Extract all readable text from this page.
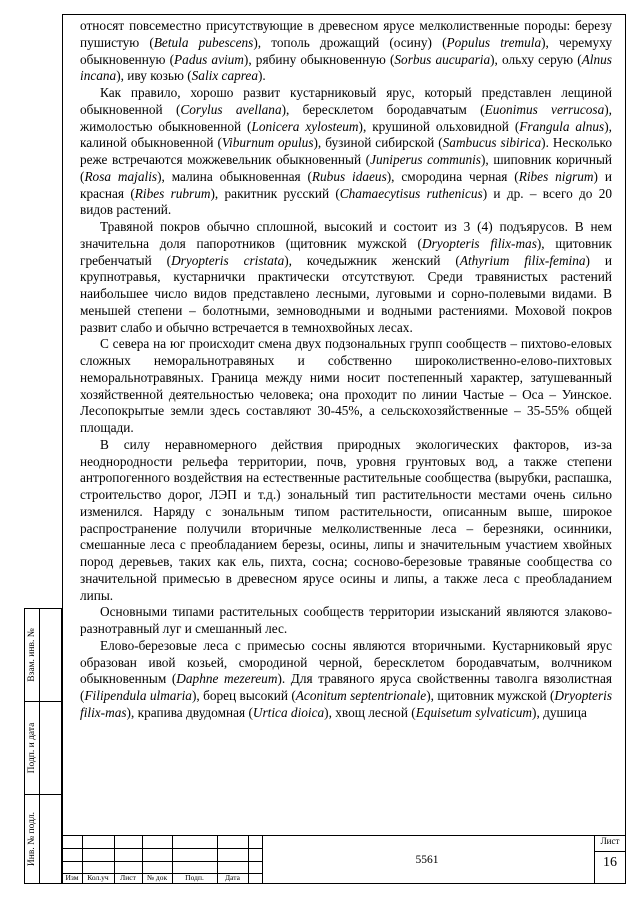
относят повсеместно присутствующие в древесном ярусе мелколиственные породы: березу пушистую (Betula pubescens), тополь дрожащий (осину) (Populus tremula), черемуху обыкновенную (Padus avium), рябину обыкновенную (Sorbus aucuparia), ольху серую (Alnus incana), иву козью (Salix caprea).

Как правило, хорошо развит кустарниковый ярус, который представлен лещиной обыкновенной (Corylus avellana), бересклетом бородавчатым (Euonimus verrucosa), жимолостью обыкновенной (Lonicera xylosteum), крушиной ольховидной (Frangula alnus), калиной обыкновенной (Viburnum opulus), бузиной сибирской (Sambucus sibirica). Несколько реже встречаются можжевельник обыкновенный (Juniperus communis), шиповник коричный (Rosa majalis), малина обыкновенная (Rubus idaeus), смородина черная (Ribes nigrum) и красная (Ribes rubrum), ракитник русский (Chamaecytisus ruthenicus) и др. – всего до 20 видов растений.

Травяной покров обычно сплошной, высокий и состоит из 3 (4) подъярусов. В нем значительна доля папоротников (щитовник мужской (Dryopteris filix-mas), щитовник гребенчатый (Dryopteris cristata), кочедыжник женский (Athyrium filix-femina) и крупнотравья, кустарнички практически отсутствуют. Среди травянистых растений наибольшее число видов представлено лесными, луговыми и сорно-полевыми видами. В меньшей степени – болотными, земноводными и водными растениями. Моховой покров развит слабо и обычно встречается в темнохвойных лесах.

С севера на юг происходит смена двух подзональных групп сообществ – пихтово-еловых сложных неморальнотравяных и собственно широколиственно-елово-пихтовых неморальнотравяных. Граница между ними носит постепенный характер, затушеванный хозяйственной деятельностью человека; она проходит по линии Частые – Оса – Уинское. Лесопокрытые земли здесь составляют 30-45%, а сельскохозяйственные – 35-55% общей площади.

В силу неравномерного действия природных экологических факторов, из-за неоднородности рельефа территории, почв, уровня грунтовых вод, а также степени антропогенного воздействия на естественные растительные сообщества (вырубки, распашка, строительство дорог, ЛЭП и т.д.) зональный тип растительности местами очень сильно изменился. Наряду с зональным типом растительности, описанным выше, широкое распространение получили вторичные мелколиственные леса – березняки, осинники, смешанные леса с преобладанием березы, осины, липы и значительным участием хвойных пород деревьев, таких как ель, пихта, сосна; сосново-березовые травяные сообщества со значительной примесью в древесном ярусе осины и липы, а также леса с преобладанием липы.

Основными типами растительных сообществ территории изысканий являются злаково-разнотравный луг и смешанный лес.

Елово-березовые леса с примесью сосны являются вторичными. Кустарниковый ярус образован ивой козьей, смородиной черной, бересклетом бородавчатым, волчником обыкновенным (Daphne mezereum). Для травяного яруса свойственны таволга вязолистная (Filipendula ulmaria), борец высокий (Aconitum septentrionale), щитовник мужской (Dryopteris filix-mas), крапива двудомная (Urtica dioica), хвощ лесной (Equisetum sylvaticum), душица

Взам. инв. №
Подп. и дата
Инв. № подл.
Изм	Кол.уч	Лист	№ док	Подп.	Дата
5561
Лист
16
